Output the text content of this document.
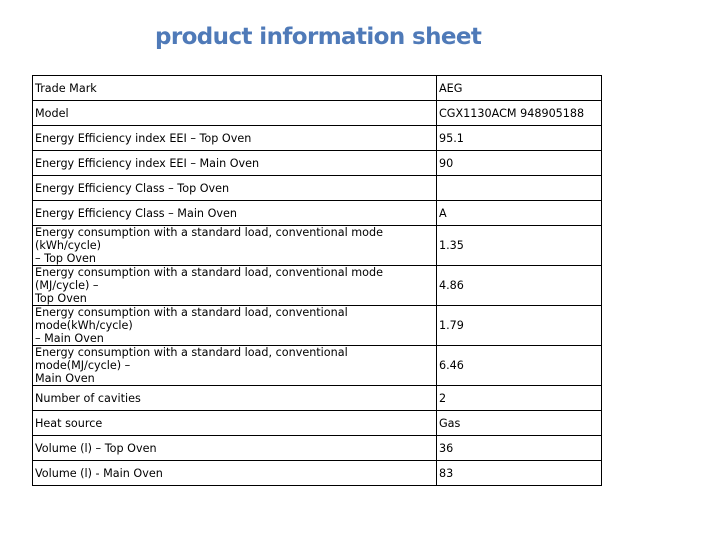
product information sheet
Trade Mark	AEG
Model	CGX1130ACM 948905188
Energy Efficiency index EEI – Top Oven	95.1
Energy Efficiency index EEI – Main Oven	90
Energy Efficiency Class – Top Oven	
Energy Efficiency Class – Main Oven	A
Energy consumption with a standard load, conventional mode (kWh/cycle)
– Top Oven	1.35
Energy consumption with a standard load, conventional mode (MJ/cycle) –
Top Oven	4.86
Energy consumption with a standard load, conventional mode(kWh/cycle)
– Main Oven	1.79
Energy consumption with a standard load, conventional mode(MJ/cycle) –
Main Oven	6.46
Number of cavities	2
Heat source	Gas
Volume (l) – Top Oven	36
Volume (l) - Main Oven	83
